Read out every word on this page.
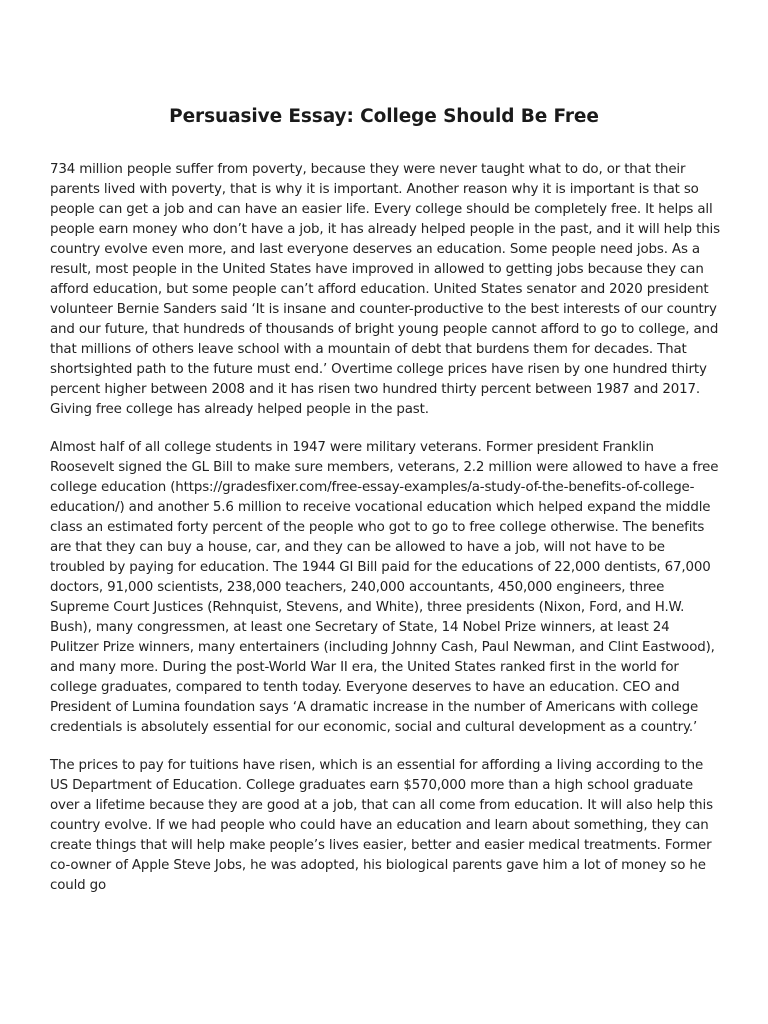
Persuasive Essay: College Should Be Free

734 million people suffer from poverty, because they were never taught what to do, or that their parents lived with poverty, that is why it is important. Another reason why it is important is that so people can get a job and can have an easier life. Every college should be completely free. It helps all people earn money who don’t have a job, it has already helped people in the past, and it will help this country evolve even more, and last everyone deserves an education. Some people need jobs. As a result, most people in the United States have improved in allowed to getting jobs because they can afford education, but some people can’t afford education. United States senator and 2020 president volunteer Bernie Sanders said ‘It is insane and counter-productive to the best interests of our country and our future, that hundreds of thousands of bright young people cannot afford to go to college, and that millions of others leave school with a mountain of debt that burdens them for decades. That shortsighted path to the future must end.’ Overtime college prices have risen by one hundred thirty percent higher between 2008 and it has risen two hundred thirty percent between 1987 and 2017. Giving free college has already helped people in the past.

Almost half of all college students in 1947 were military veterans. Former president Franklin Roosevelt signed the GL Bill to make sure members, veterans, 2.2 million were allowed to have a free college education (https://gradesfixer.com/free-essay-examples/a-study-of-the-benefits-of-college-education/) and another 5.6 million to receive vocational education which helped expand the middle class an estimated forty percent of the people who got to go to free college otherwise. The benefits are that they can buy a house, car, and they can be allowed to have a job, will not have to be troubled by paying for education. The 1944 GI Bill paid for the educations of 22,000 dentists, 67,000 doctors, 91,000 scientists, 238,000 teachers, 240,000 accountants, 450,000 engineers, three Supreme Court Justices (Rehnquist, Stevens, and White), three presidents (Nixon, Ford, and H.W. Bush), many congressmen, at least one Secretary of State, 14 Nobel Prize winners, at least 24 Pulitzer Prize winners, many entertainers (including Johnny Cash, Paul Newman, and Clint Eastwood), and many more. During the post-World War II era, the United States ranked first in the world for college graduates, compared to tenth today. Everyone deserves to have an education. CEO and President of Lumina foundation says ‘A dramatic increase in the number of Americans with college credentials is absolutely essential for our economic, social and cultural development as a country.’

The prices to pay for tuitions have risen, which is an essential for affording a living according to the US Department of Education. College graduates earn $570,000 more than a high school graduate over a lifetime because they are good at a job, that can all come from education. It will also help this country evolve. If we had people who could have an education and learn about something, they can create things that will help make people’s lives easier, better and easier medical treatments. Former co-owner of Apple Steve Jobs, he was adopted, his biological parents gave him a lot of money so he could go
